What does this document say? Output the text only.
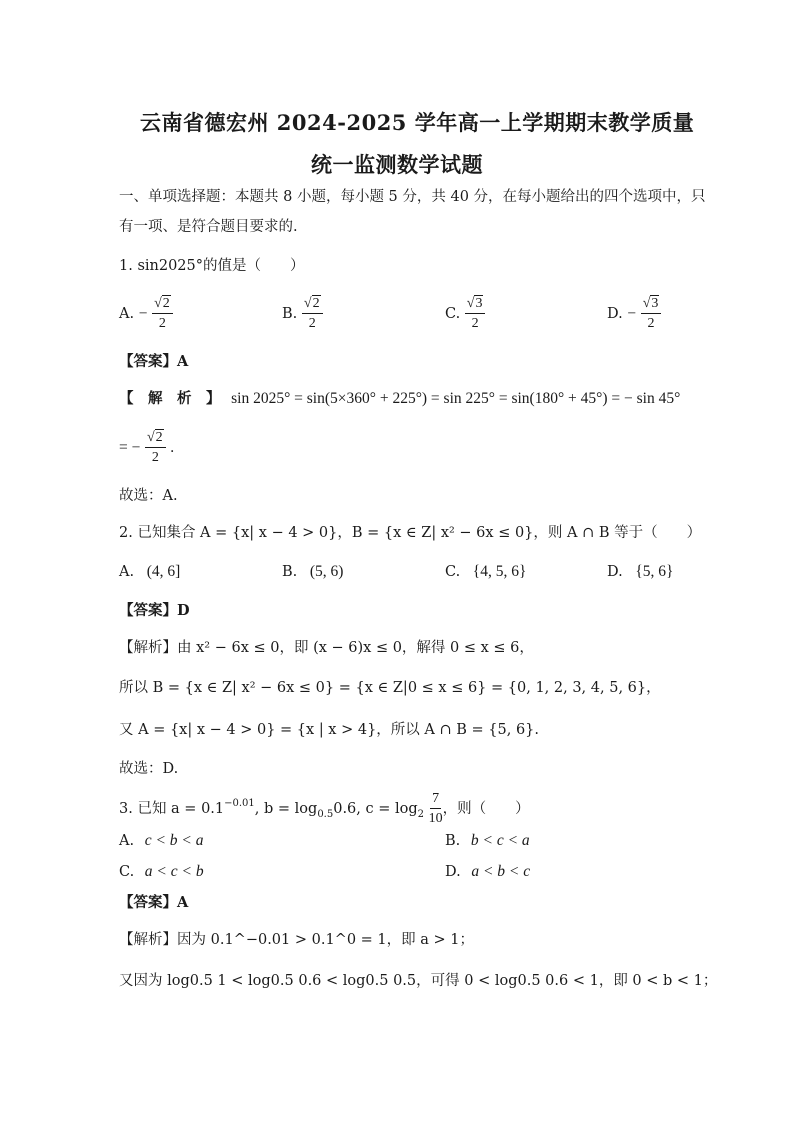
云南省德宏州 2024-2025 学年高一上学期期末教学质量
统一监测数学试题
一、单项选择题：本题共 8 小题，每小题 5 分，共 40 分，在每小题给出的四个选项中，只
有一项、是符合题目要求的.
1. sin2025°的值是（　　）
A. − $\frac{√2}{2}$	B. $\frac{√2}{2}$	C. $\frac{√3}{2}$	D. − $\frac{√3}{2}$
【答案】A
【　解　析　】 sin 2025° = sin(5×360° + 225°) = sin 225° = sin(180° + 45°) = − sin 45°
= − $\frac{√2}{2}$ .
故选：A.
2. 已知集合 A = {x| x − 4 > 0}，B = {x ∈ Z| x² − 6x ≤ 0}，则 A ∩ B 等于（　　）
A. (4, 6]	B. (5, 6)	C. {4, 5, 6}	D. {5, 6}
【答案】D
【解析】由 x² − 6x ≤ 0，即 (x − 6)x ≤ 0，解得 0 ≤ x ≤ 6，
所以 B = {x ∈ Z| x² − 6x ≤ 0} = {x ∈ Z|0 ≤ x ≤ 6} = {0, 1, 2, 3, 4, 5, 6}，
又 A = {x| x − 4 > 0} = {x | x > 4}，所以 A ∩ B = {5, 6}.
故选：D.
3. 已知 $a = 0.1^{-0.01}$, $b = \log_{0.5}0.6$, $c = \log_2 \frac{7}{10}$ ，则（　　）
A. c < b < a	B. b < c < a
C. a < c < b	D. a < b < c
【答案】A
【解析】因为 0.1^−0.01 > 0.1^0 = 1，即 a > 1；
又因为 log0.5 1 < log0.5 0.6 < log0.5 0.5，可得 0 < log0.5 0.6 < 1，即 0 < b < 1；
